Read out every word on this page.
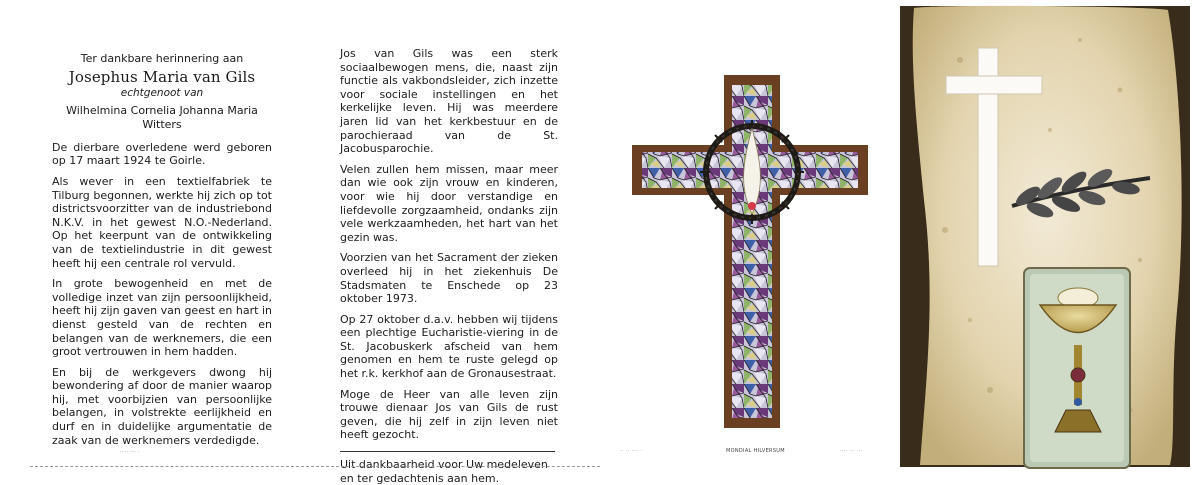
Ter dankbare herinnering aan
Josephus Maria van Gils
echtgenoot van
Wilhelmina Cornelia Johanna Maria Witters

De dierbare overledene werd geboren op 17 maart 1924 te Goirle.

Als wever in een textielfabriek te Tilburg begonnen, werkte hij zich op tot districtsvoorzitter van de industriebond N.K.V. in het gewest N.O.-Nederland. Op het keerpunt van de ontwikkeling van de textielindustrie in dit gewest heeft hij een centrale rol vervuld.

In grote bewogenheid en met de volledige inzet van zijn persoonlijkheid, heeft hij zijn gaven van geest en hart in dienst gesteld van de rechten en belangen van de werknemers, die een groot vertrouwen in hem hadden.

En bij de werkgevers dwong hij bewondering af door de manier waarop hij, met voorbijzien van persoonlijke belangen, in volstrekte eerlijkheid en durf en in duidelijke argumentatie de zaak van de werknemers verdedigde.

Jos van Gils was een sterk sociaalbewogen mens, die, naast zijn functie als vakbondsleider, zich inzette voor sociale instellingen en het kerkelijke leven. Hij was meerdere jaren lid van het kerkbestuur en de parochieraad van de St. Jacobusparochie.

Velen zullen hem missen, maar meer dan wie ook zijn vrouw en kinderen, voor wie hij door verstandige en liefdevolle zorgzaamheid, ondanks zijn vele werkzaamheden, het hart van het gezin was.

Voorzien van het Sacrament der zieken overleed hij in het ziekenhuis De Stadsmaten te Enschede op 23 oktober 1973.

Op 27 oktober d.a.v. hebben wij tijdens een plechtige Eucharistie-viering in de St. Jacobuskerk afscheid van hem genomen en hem te ruste gelegd op het r.k. kerkhof aan de Gronausestraat.

Moge de Heer van alle leven zijn trouwe dienaar Jos van Gils de rust geven, die hij zelf in zijn leven niet heeft gezocht.

Uit dankbaarheid voor Uw medeleven en ter gedachtenis aan hem.
·· ·· ···· ·	·· ·· ···· ·	MONDIAL HILVERSUM	···· ··· ···
